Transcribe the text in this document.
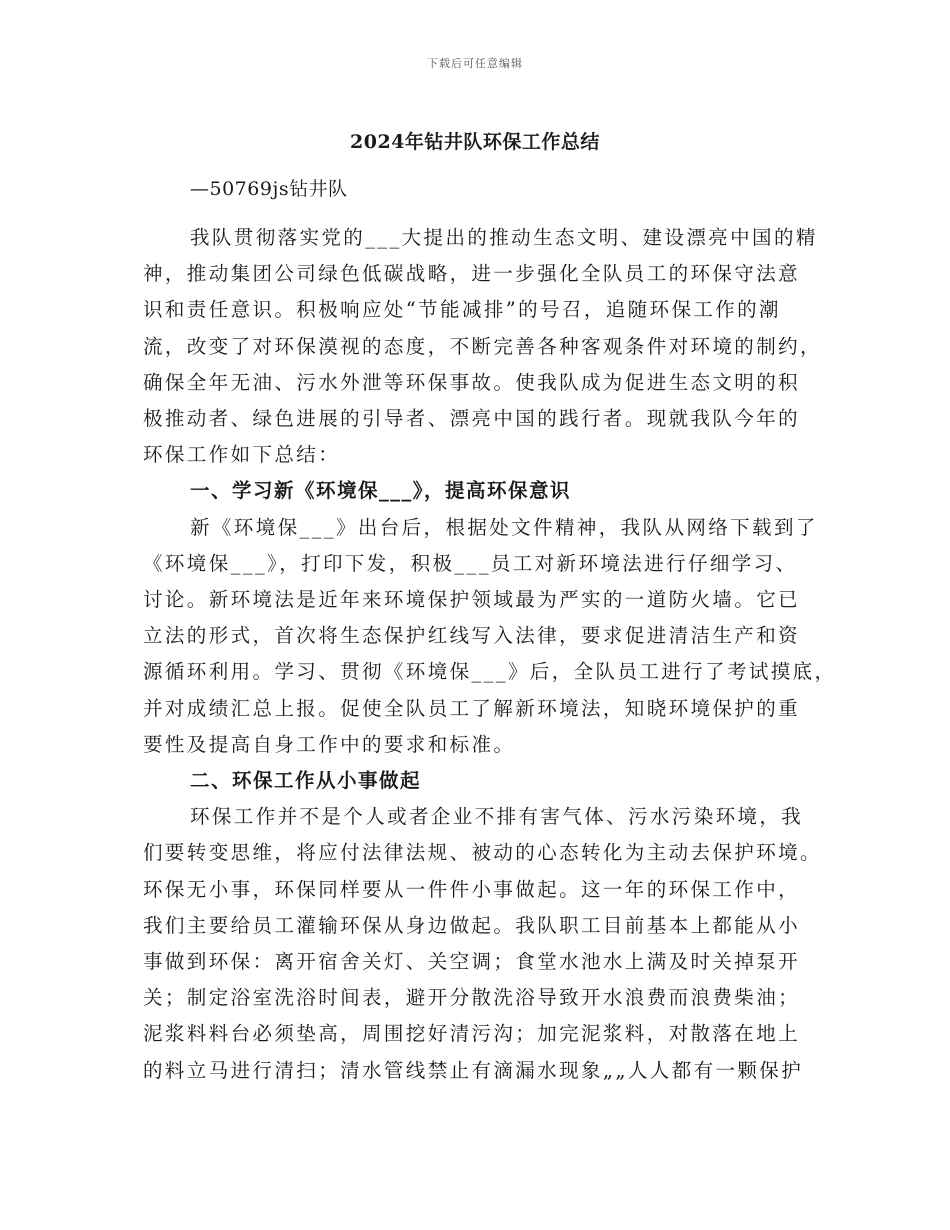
下载后可任意编辑
2024年钻井队环保工作总结
—50769js钻井队
我队贯彻落实党的___大提出的推动生态文明、建设漂亮中国的精
神，推动集团公司绿色低碳战略，进一步强化全队员工的环保守法意
识和责任意识。积极响应处“节能减排”的号召，追随环保工作的潮
流，改变了对环保漠视的态度，不断完善各种客观条件对环境的制约，
确保全年无油、污水外泄等环保事故。使我队成为促进生态文明的积
极推动者、绿色进展的引导者、漂亮中国的践行者。现就我队今年的
环保工作如下总结：
一、学习新《环境保___》，提高环保意识
新《环境保___》出台后，根据处文件精神，我队从网络下载到了
《环境保___》，打印下发，积极___员工对新环境法进行仔细学习、
讨论。新环境法是近年来环境保护领域最为严实的一道防火墙。它已
立法的形式，首次将生态保护红线写入法律，要求促进清洁生产和资
源循环利用。学习、贯彻《环境保___》后，全队员工进行了考试摸底，
并对成绩汇总上报。促使全队员工了解新环境法，知晓环境保护的重
要性及提高自身工作中的要求和标准。
二、环保工作从小事做起
环保工作并不是个人或者企业不排有害气体、污水污染环境，我
们要转变思维，将应付法律法规、被动的心态转化为主动去保护环境。
环保无小事，环保同样要从一件件小事做起。这一年的环保工作中，
我们主要给员工灌输环保从身边做起。我队职工目前基本上都能从小
事做到环保：离开宿舍关灯、关空调；食堂水池水上满及时关掉泵开
关；制定浴室洗浴时间表，避开分散洗浴导致开水浪费而浪费柴油；
泥浆料料台必须垫高，周围挖好清污沟；加完泥浆料，对散落在地上
的料立马进行清扫；清水管线禁止有滴漏水现象„„人人都有一颗保护
